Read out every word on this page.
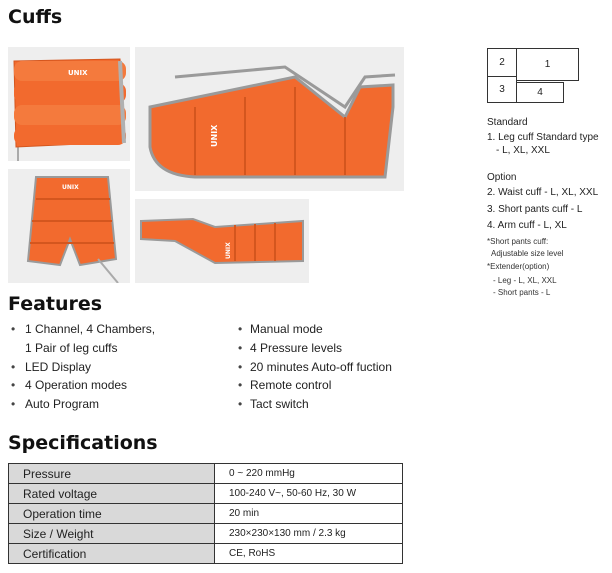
Cuffs
UNIX
UNIX
UNIX
UNIX
2	1
3	4
Standard
1. Leg cuff Standard type
- L, XL, XXL
Option
2. Waist cuff - L, XL, XXL
3. Short pants cuff - L
4. Arm cuff - L, XL
*Short pants cuff:
Adjustable size level
*Extender(option)
- Leg - L, XL, XXL
- Short pants - L
Features
• 1 Channel, 4 Chambers,
1 Pair of leg cuffs
• LED Display
• 4 Operation modes
• Auto Program
• Manual mode
• 4 Pressure levels
• 20 minutes Auto-off fuction
• Remote control
• Tact switch
Specifications
Pressure	0 ~ 220 mmHg
Rated voltage	100-240 V~, 50-60 Hz, 30 W
Operation time	20 min
Size / Weight	230×230×130 mm / 2.3 kg
Certification	CE, RoHS
